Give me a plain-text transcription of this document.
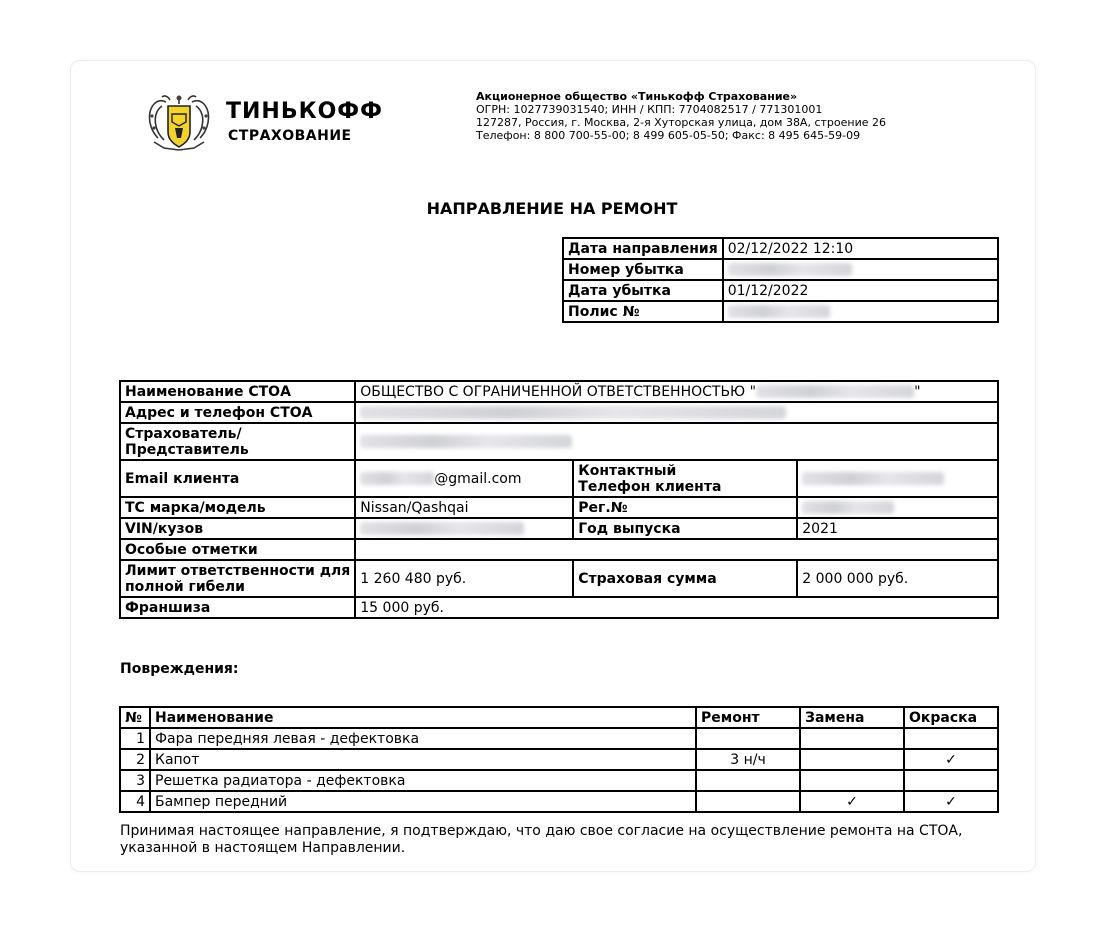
ТИНЬКОФФ
СТРАХОВАНИЕ
Акционерное общество «Тинькофф Страхование»
ОГРН: 1027739031540; ИНН / КПП: 7704082517 / 771301001
127287, Россия, г. Москва, 2-я Хуторская улица, дом 38А, строение 26
Телефон: 8 800 700-55-00; 8 499 605-05-50; Факс: 8 495 645-59-09
НАПРАВЛЕНИЕ НА РЕМОНТ
Дата направления	02/12/2022 12:10
Номер убытка	
Дата убытка	01/12/2022
Полис №	
Наименование СТОА	ОБЩЕСТВО С ОГРАНИЧЕННОЙ ОТВЕТСТВЕННОСТЬЮ " "		
Адрес и телефон СТОА			

Страхователь/
Представитель			

Email клиента	@gmail.com	Контактный
Телефон клиента	

ТС марка/модель	Nissan/Qashqai	Рег.№	
VIN/кузов		Год выпуска	2021
Особые отметки			

Лимит ответственности для
полной гибели	1 260 480 руб.	Страховая сумма	2 000 000 руб.
Франшиза	15 000 руб.		
Повреждения:
№	Наименование	Ремонт	Замена	Окраска
1	Фара передняя левая - дефектовка			
2	Капот	3 н/ч		✓
3	Решетка радиатора - дефектовка			
4	Бампер передний		✓	✓
Принимая настоящее направление, я подтверждаю, что даю свое согласие на осуществление ремонта на СТОА, указанной в настоящем Направлении.
